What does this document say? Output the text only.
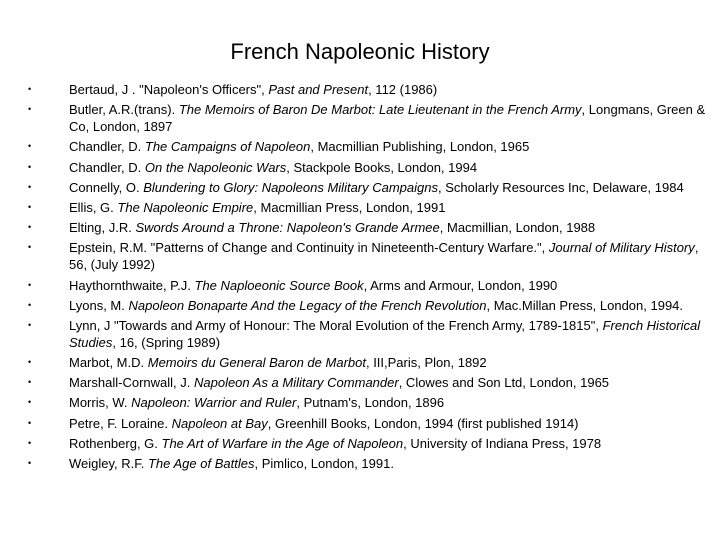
French Napoleonic History
•	Bertaud, J . "Napoleon's Officers", Past and Present, 112 (1986)
•	Butler, A.R.(trans). The Memoirs of Baron De Marbot: Late Lieutenant in the French Army, Longmans, Green & Co, London, 1897
•	Chandler, D. The Campaigns of Napoleon, Macmillian Publishing, London, 1965
•	Chandler, D. On the Napoleonic Wars, Stackpole Books, London, 1994
•	Connelly, O. Blundering to Glory: Napoleons Military Campaigns, Scholarly Resources Inc, Delaware, 1984
•	Ellis, G. The Napoleonic Empire, Macmillian Press, London, 1991
•	Elting, J.R. Swords Around a Throne: Napoleon's Grande Armee, Macmillian, London, 1988
•	Epstein, R.M. "Patterns of Change and Continuity in Nineteenth-Century Warfare.", Journal of Military History, 56, (July 1992)
•	Haythornthwaite, P.J. The Naploeonic Source Book, Arms and Armour, London, 1990
•	Lyons, M. Napoleon Bonaparte And the Legacy of the French Revolution, Mac.Millan Press, London, 1994.
•	Lynn, J "Towards and Army of Honour: The Moral Evolution of the French Army, 1789-1815", French Historical Studies, 16, (Spring 1989)
•	Marbot, M.D. Memoirs du General Baron de Marbot, III,Paris, Plon, 1892
•	Marshall-Cornwall, J. Napoleon As a Military Commander, Clowes and Son Ltd, London, 1965
•	Morris, W. Napoleon: Warrior and Ruler, Putnam's, London, 1896
•	Petre, F. Loraine. Napoleon at Bay, Greenhill Books, London, 1994 (first published 1914)
•	Rothenberg, G. The Art of Warfare in the Age of Napoleon, University of Indiana Press, 1978
•	Weigley, R.F. The Age of Battles, Pimlico, London, 1991.
